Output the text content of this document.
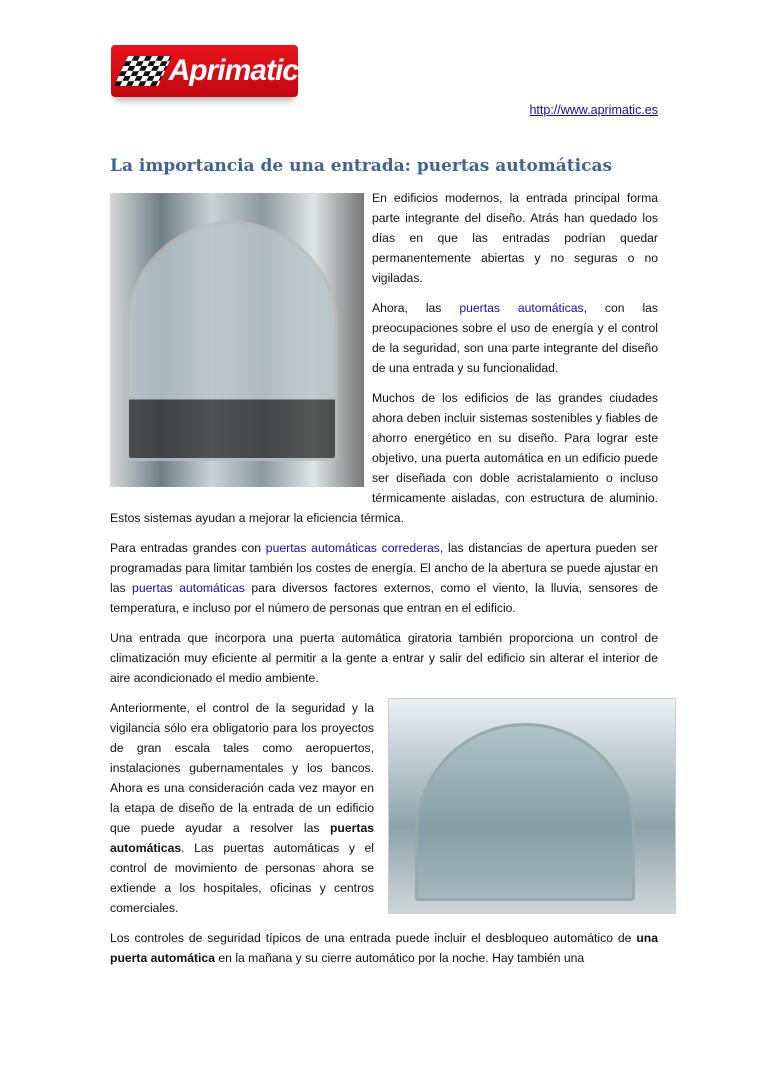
Aprimatic
http://www.aprimatic.es
La importancia de una entrada: puertas automáticas

En edificios modernos, la entrada principal forma parte integrante del diseño. Atrás han quedado los días en que las entradas podrían quedar permanentemente abiertas y no seguras o no vigiladas.

Ahora, las puertas automáticas, con las preocupaciones sobre el uso de energía y el control de la seguridad, son una parte integrante del diseño de una entrada y su funcionalidad.

Muchos de los edificios de las grandes ciudades ahora deben incluir sistemas sostenibles y fiables de ahorro energético en su diseño. Para lograr este objetivo, una puerta automática en un edificio puede ser diseñada con doble acristalamiento o incluso térmicamente aisladas, con estructura de aluminio. Estos sistemas ayudan a mejorar la eficiencia térmica.

Para entradas grandes con puertas automáticas correderas, las distancias de apertura pueden ser programadas para limitar también los costes de energía. El ancho de la abertura se puede ajustar en las puertas automáticas para diversos factores externos, como el viento, la lluvia, sensores de temperatura, e incluso por el número de personas que entran en el edificio.

Una entrada que incorpora una puerta automática giratoria también proporciona un control de climatización muy eficiente al permitir a la gente a entrar y salir del edificio sin alterar el interior de aire acondicionado el medio ambiente.

Anteriormente, el control de la seguridad y la vigilancia sólo era obligatorio para los proyectos de gran escala tales como aeropuertos, instalaciones gubernamentales y los bancos. Ahora es una consideración cada vez mayor en la etapa de diseño de la entrada de un edificio que puede ayudar a resolver las puertas automáticas. Las puertas automáticas y el control de movimiento de personas ahora se extiende a los hospitales, oficinas y centros comerciales.

Los controles de seguridad típicos de una entrada puede incluir el desbloqueo automático de una puerta automática en la mañana y su cierre automático por la noche. Hay también una
